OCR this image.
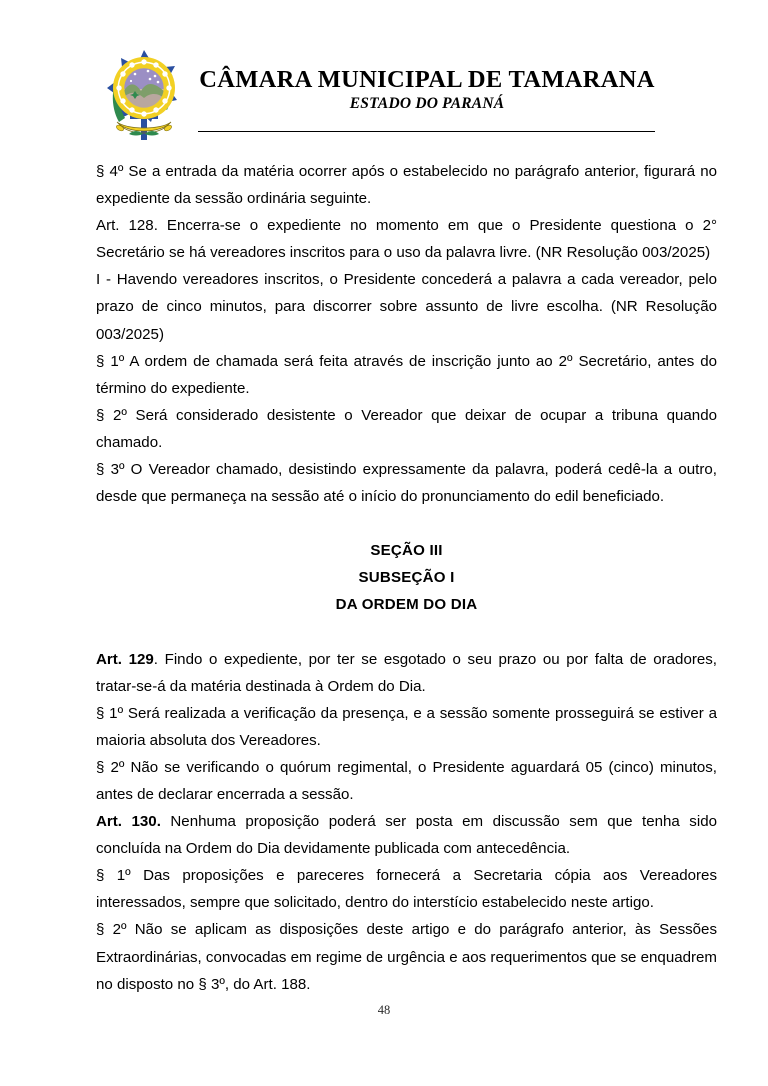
CÂMARA MUNICIPAL DE TAMARANA
ESTADO DO PARANÁ

§ 4º Se a entrada da matéria ocorrer após o estabelecido no parágrafo anterior, figurará no expediente da sessão ordinária seguinte.

Art. 128. Encerra-se o expediente no momento em que o Presidente questiona o 2° Secretário se há vereadores inscritos para o uso da palavra livre. (NR Resolução 003/2025)

I - Havendo vereadores inscritos, o Presidente concederá a palavra a cada vereador, pelo prazo de cinco minutos, para discorrer sobre assunto de livre escolha. (NR Resolução 003/2025)

§ 1º A ordem de chamada será feita através de inscrição junto ao 2º Secretário, antes do término do expediente.

§ 2º Será considerado desistente o Vereador que deixar de ocupar a tribuna quando chamado.

§ 3º O Vereador chamado, desistindo expressamente da palavra, poderá cedê-la a outro, desde que permaneça na sessão até o início do pronunciamento do edil beneficiado.

SEÇÃO III
SUBSEÇÃO I
DA ORDEM DO DIA

Art. 129. Findo o expediente, por ter se esgotado o seu prazo ou por falta de oradores, tratar-se-á da matéria destinada à Ordem do Dia.

§ 1º Será realizada a verificação da presença, e a sessão somente prosseguirá se estiver a maioria absoluta dos Vereadores.

§ 2º Não se verificando o quórum regimental, o Presidente aguardará 05 (cinco) minutos, antes de declarar encerrada a sessão.

Art. 130. Nenhuma proposição poderá ser posta em discussão sem que tenha sido concluída na Ordem do Dia devidamente publicada com antecedência.

§ 1º Das proposições e pareceres fornecerá a Secretaria cópia aos Vereadores interessados, sempre que solicitado, dentro do interstício estabelecido neste artigo.

§ 2º Não se aplicam as disposições deste artigo e do parágrafo anterior, às Sessões Extraordinárias, convocadas em regime de urgência e aos requerimentos que se enquadrem no disposto no § 3º, do Art. 188.

48
